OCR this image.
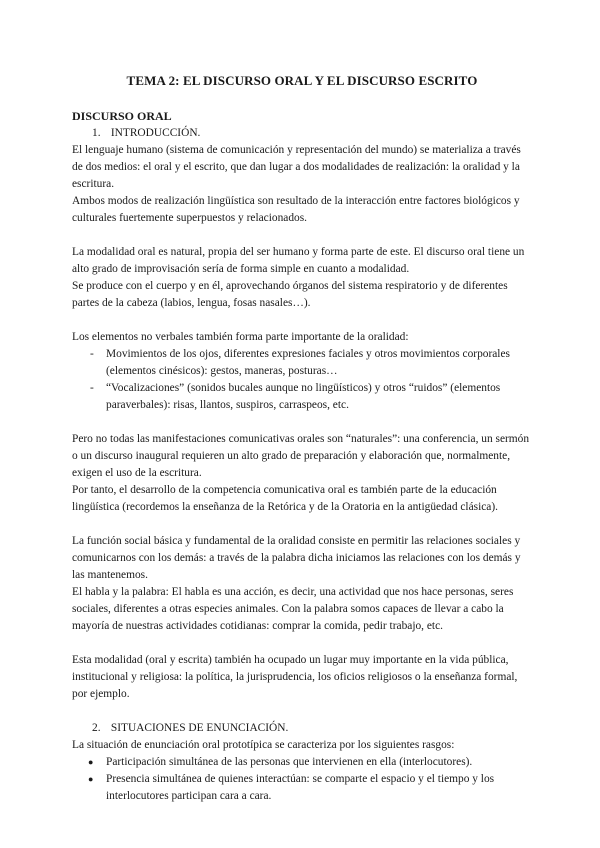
TEMA 2: EL DISCURSO ORAL Y EL DISCURSO ESCRITO

DISCURSO ORAL

1. INTRODUCCIÓN.

El lenguaje humano (sistema de comunicación y representación del mundo) se materializa a través de dos medios: el oral y el escrito, que dan lugar a dos modalidades de realización: la oralidad y la escritura.

Ambos modos de realización lingüística son resultado de la interacción entre factores biológicos y culturales fuertemente superpuestos y relacionados.

La modalidad oral es natural, propia del ser humano y forma parte de este. El discurso oral tiene un alto grado de improvisación sería de forma simple en cuanto a modalidad.

Se produce con el cuerpo y en él, aprovechando órganos del sistema respiratorio y de diferentes partes de la cabeza (labios, lengua, fosas nasales…).

Los elementos no verbales también forma parte importante de la oralidad:

- Movimientos de los ojos, diferentes expresiones faciales y otros movimientos corporales (elementos cinésicos): gestos, maneras, posturas…
- “Vocalizaciones” (sonidos bucales aunque no lingüísticos) y otros “ruidos” (elementos paraverbales): risas, llantos, suspiros, carraspeos, etc.

Pero no todas las manifestaciones comunicativas orales son “naturales”: una conferencia, un sermón o un discurso inaugural requieren un alto grado de preparación y elaboración que, normalmente, exigen el uso de la escritura.

Por tanto, el desarrollo de la competencia comunicativa oral es también parte de la educación lingüística (recordemos la enseñanza de la Retórica y de la Oratoria en la antigüedad clásica).

La función social básica y fundamental de la oralidad consiste en permitir las relaciones sociales y comunicarnos con los demás: a través de la palabra dicha iniciamos las relaciones con los demás y las mantenemos.

El habla y la palabra: El habla es una acción, es decir, una actividad que nos hace personas, seres sociales, diferentes a otras especies animales. Con la palabra somos capaces de llevar a cabo la mayoría de nuestras actividades cotidianas: comprar la comida, pedir trabajo, etc.

Esta modalidad (oral y escrita) también ha ocupado un lugar muy importante en la vida pública, institucional y religiosa: la política, la jurisprudencia, los oficios religiosos o la enseñanza formal, por ejemplo.

2. SITUACIONES DE ENUNCIACIÓN.

La situación de enunciación oral prototípica se caracteriza por los siguientes rasgos:

● Participación simultánea de las personas que intervienen en ella (interlocutores).
● Presencia simultánea de quienes interactúan: se comparte el espacio y el tiempo y los interlocutores participan cara a cara.
